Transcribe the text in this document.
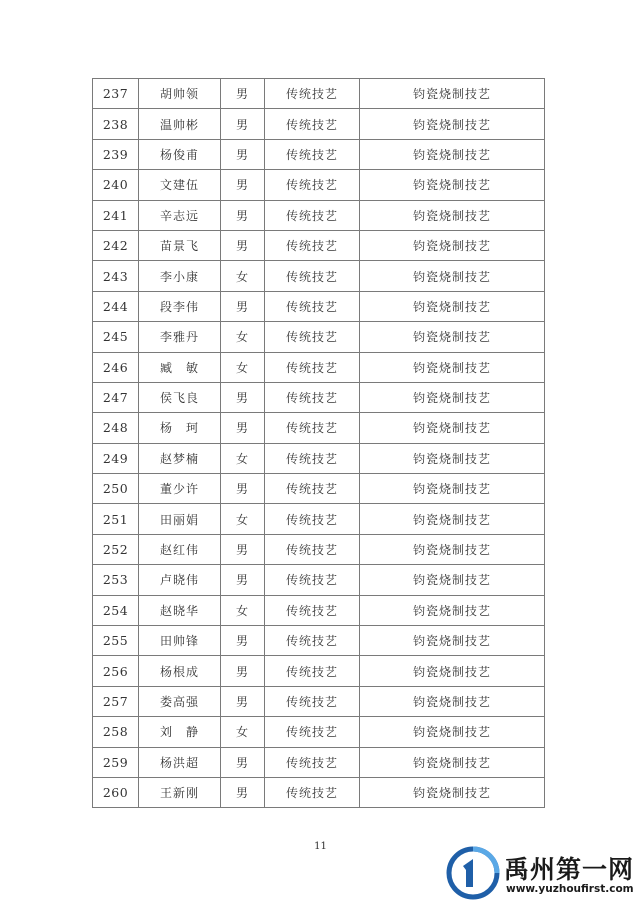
237	胡帅领	男	传统技艺	钧瓷烧制技艺
238	温帅彬	男	传统技艺	钧瓷烧制技艺
239	杨俊甫	男	传统技艺	钧瓷烧制技艺
240	文建伍	男	传统技艺	钧瓷烧制技艺
241	辛志远	男	传统技艺	钧瓷烧制技艺
242	苗景飞	男	传统技艺	钧瓷烧制技艺
243	李小康	女	传统技艺	钧瓷烧制技艺
244	段李伟	男	传统技艺	钧瓷烧制技艺
245	李雅丹	女	传统技艺	钧瓷烧制技艺
246	臧　敏	女	传统技艺	钧瓷烧制技艺
247	侯飞良	男	传统技艺	钧瓷烧制技艺
248	杨　珂	男	传统技艺	钧瓷烧制技艺
249	赵梦楠	女	传统技艺	钧瓷烧制技艺
250	董少许	男	传统技艺	钧瓷烧制技艺
251	田丽娟	女	传统技艺	钧瓷烧制技艺
252	赵红伟	男	传统技艺	钧瓷烧制技艺
253	卢晓伟	男	传统技艺	钧瓷烧制技艺
254	赵晓华	女	传统技艺	钧瓷烧制技艺
255	田帅锋	男	传统技艺	钧瓷烧制技艺
256	杨根成	男	传统技艺	钧瓷烧制技艺
257	娄高强	男	传统技艺	钧瓷烧制技艺
258	刘　静	女	传统技艺	钧瓷烧制技艺
259	杨洪超	男	传统技艺	钧瓷烧制技艺
260	王新刚	男	传统技艺	钧瓷烧制技艺
11
禹州第一网
www.yuzhoufirst.com
